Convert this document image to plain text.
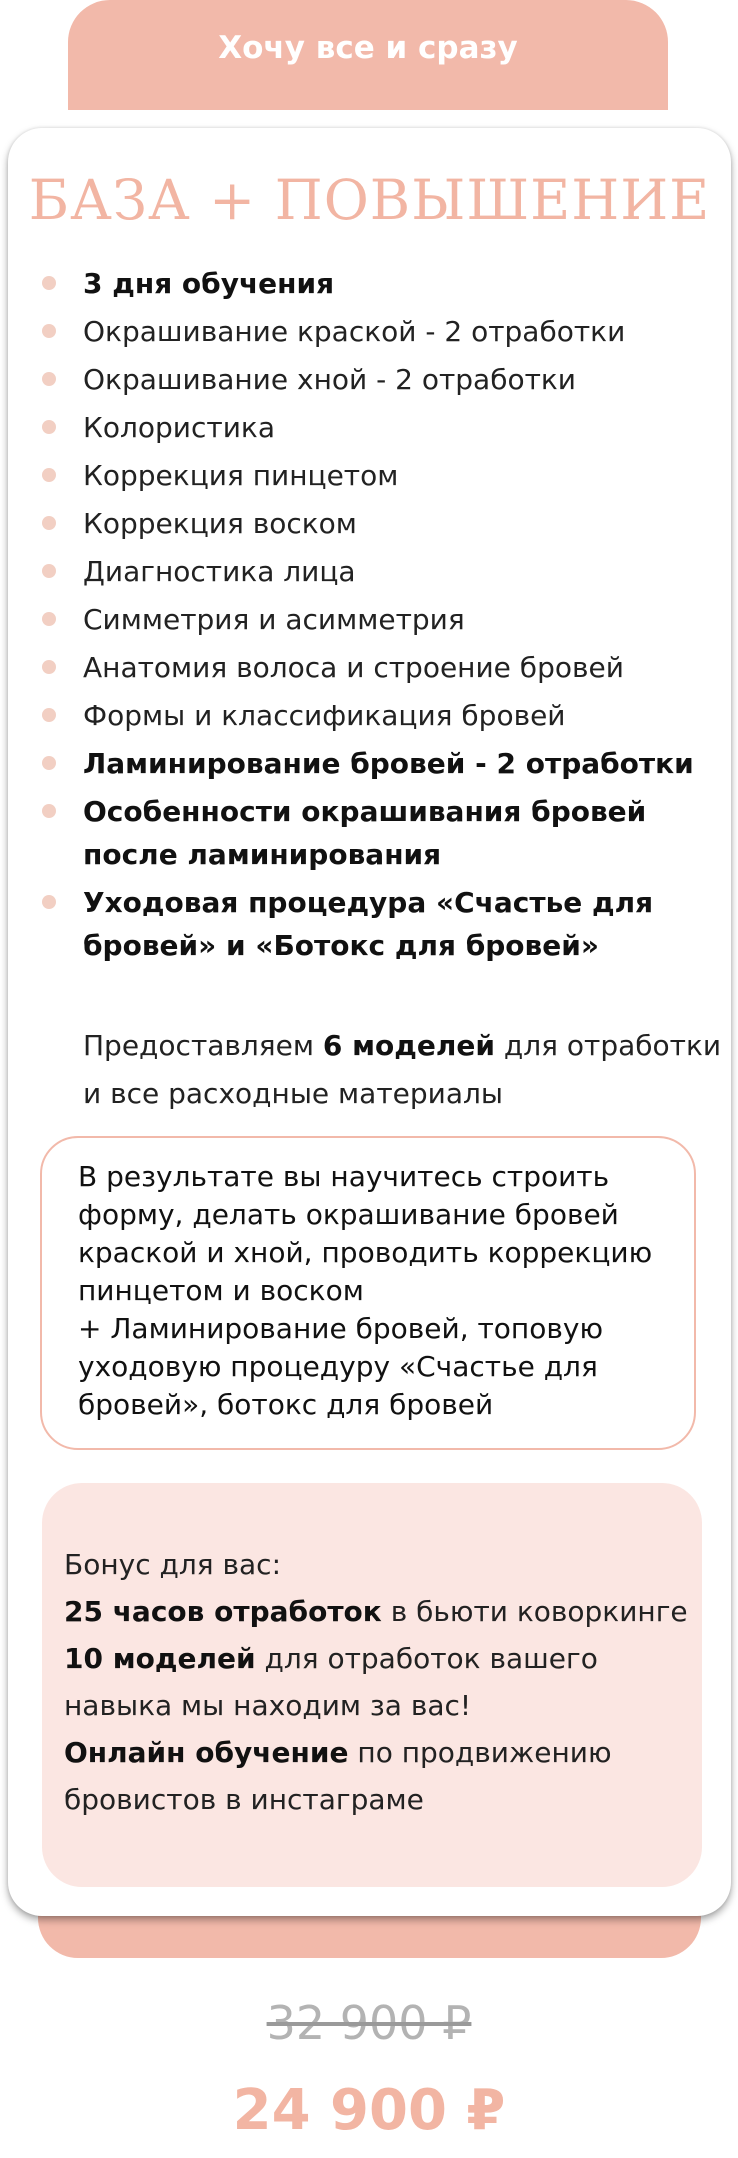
Хочу все и сразу
БАЗА + ПОВЫШЕНИЕ
3 дня обучения
Окрашивание краской - 2 отработки
Окрашивание хной - 2 отработки
Колористика
Коррекция пинцетом
Коррекция воском
Диагностика лица
Симметрия и асимметрия
Анатомия волоса и строение бровей
Формы и классификация бровей
Ламинирование бровей - 2 отработки
Особенности окрашивания бровей после ламинирования
Уходовая процедура «Счастье для бровей» и «Ботокс для бровей»

Предоставляем 6 моделей для отработки и все расходные материалы

В результате вы научитесь строить форму, делать окрашивание бровей краской и хной, проводить коррекцию пинцетом и воском
+ Ламинирование бровей, топовую уходовую процедуру «Счастье для бровей», ботокс для бровей
Бонус для вас:
25 часов отработок в бьюти коворкинге
10 моделей для отработок вашего навыка мы находим за вас!
Онлайн обучение по продвижению бровистов в инстаграме
32 900 ₽
24 900 ₽
